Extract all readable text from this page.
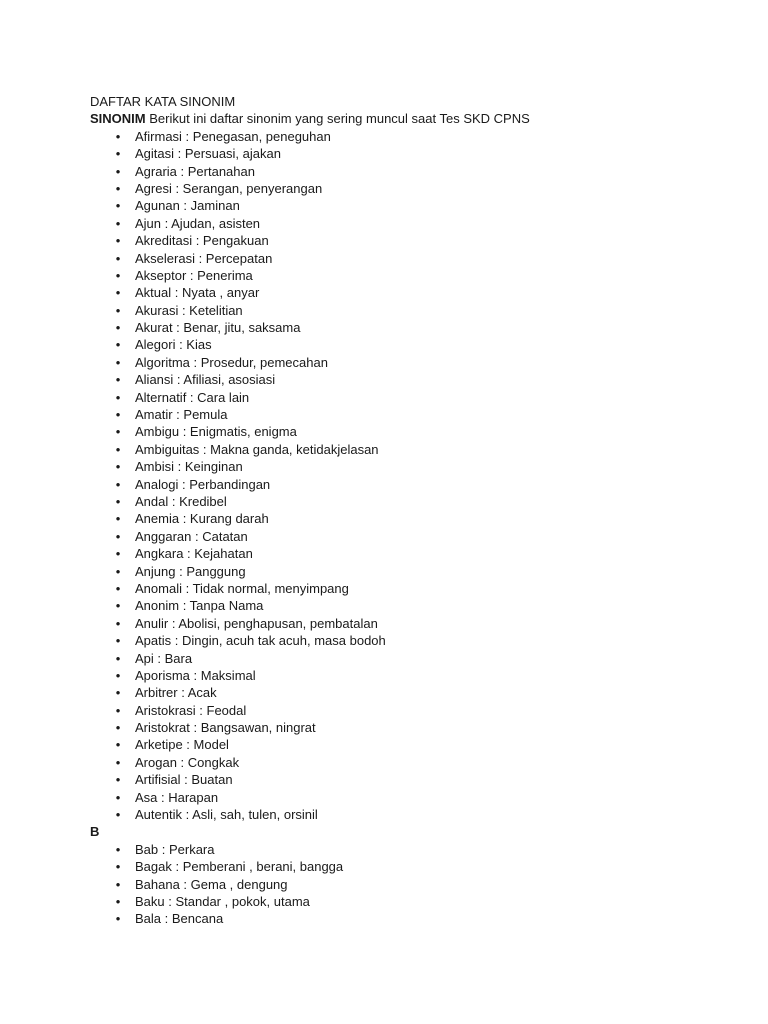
DAFTAR KATA SINONIM
SINONIM Berikut ini daftar sinonim yang sering muncul saat Tes SKD CPNS
• Afirmasi : Penegasan, peneguhan
• Agitasi : Persuasi, ajakan
• Agraria : Pertanahan
• Agresi : Serangan, penyerangan
• Agunan : Jaminan
• Ajun : Ajudan, asisten
• Akreditasi : Pengakuan
• Akselerasi : Percepatan
• Akseptor : Penerima
• Aktual : Nyata , anyar
• Akurasi : Ketelitian
• Akurat : Benar, jitu, saksama
• Alegori : Kias
• Algoritma : Prosedur, pemecahan
• Aliansi : Afiliasi, asosiasi
• Alternatif : Cara lain
• Amatir : Pemula
• Ambigu : Enigmatis, enigma
• Ambiguitas : Makna ganda, ketidakjelasan
• Ambisi : Keinginan
• Analogi : Perbandingan
• Andal : Kredibel
• Anemia : Kurang darah
• Anggaran : Catatan
• Angkara : Kejahatan
• Anjung : Panggung
• Anomali : Tidak normal, menyimpang
• Anonim : Tanpa Nama
• Anulir : Abolisi, penghapusan, pembatalan
• Apatis : Dingin, acuh tak acuh, masa bodoh
• Api : Bara
• Aporisma : Maksimal
• Arbitrer : Acak
• Aristokrasi : Feodal
• Aristokrat : Bangsawan, ningrat
• Arketipe : Model
• Arogan : Congkak
• Artifisial : Buatan
• Asa : Harapan
• Autentik : Asli, sah, tulen, orsinil
B
• Bab : Perkara
• Bagak : Pemberani , berani, bangga
• Bahana : Gema , dengung
• Baku : Standar , pokok, utama
• Bala : Bencana
